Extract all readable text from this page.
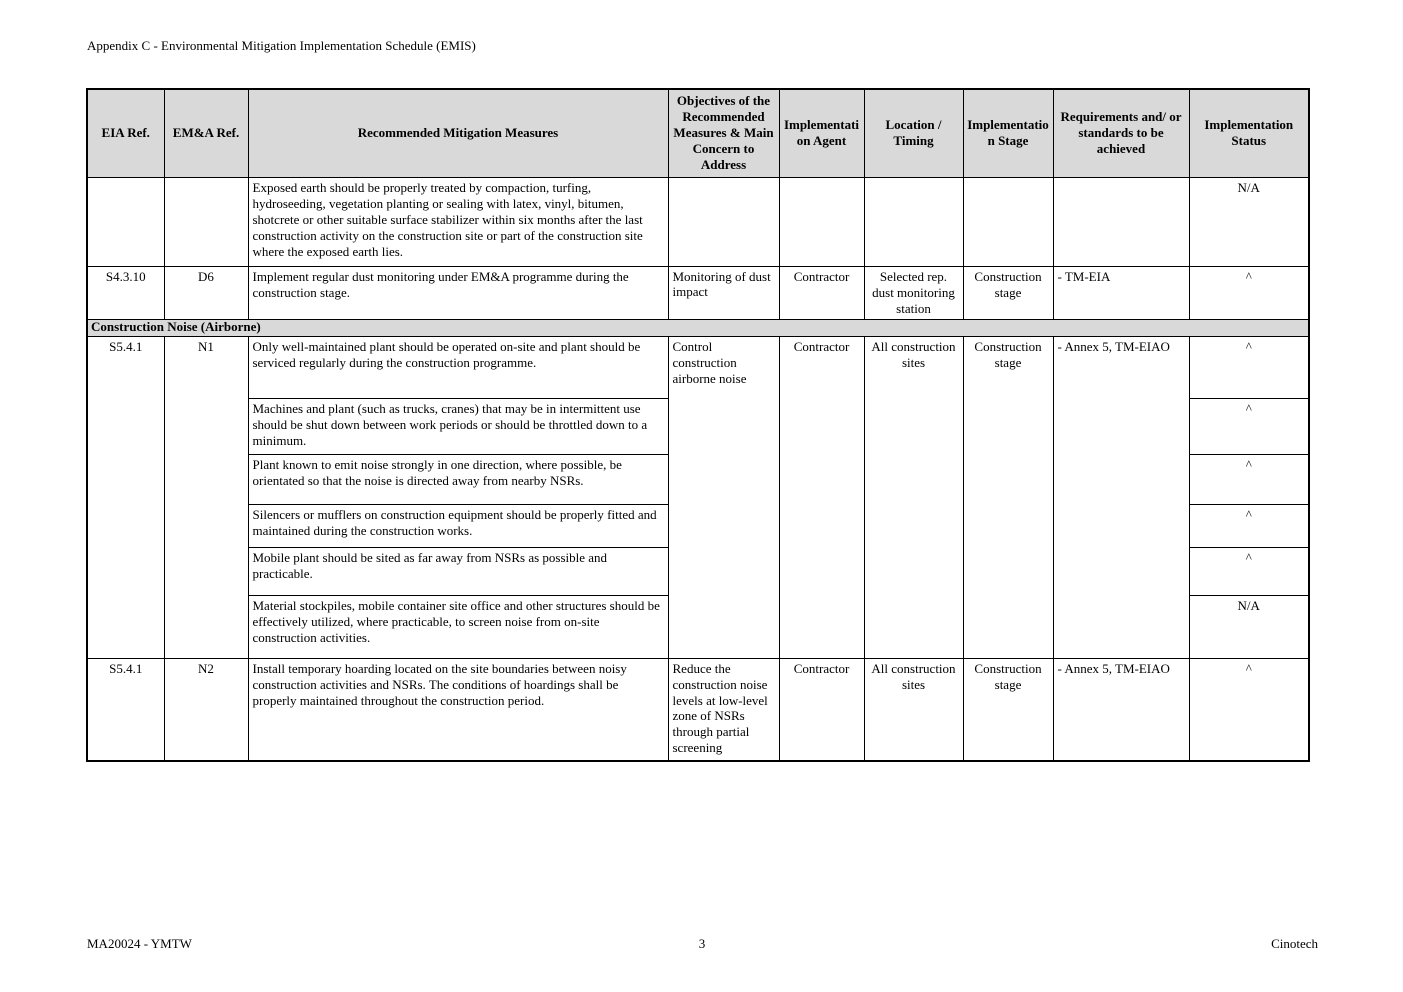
Appendix C - Environmental Mitigation Implementation Schedule (EMIS)
EIA Ref.	EM&A Ref.	Recommended Mitigation Measures	Objectives of the Recommended Measures & Main Concern to Address	Implementation Agent	Location / Timing	Implementation Stage	Requirements and/ or standards to be achieved	Implementation Status
		Exposed earth should be properly treated by compaction, turfing, hydroseeding, vegetation planting or sealing with latex, vinyl, bitumen, shotcrete or other suitable surface stabilizer within six months after the last construction activity on the construction site or part of the construction site where the exposed earth lies.						N/A
S4.3.10	D6	Implement regular dust monitoring under EM&A programme during the construction stage.	Monitoring of dust impact	Contractor	Selected rep. dust monitoring station	Construction stage	- TM-EIA	^
Construction Noise (Airborne)								
S5.4.1	N1	Only well-maintained plant should be operated on-site and plant should be serviced regularly during the construction programme.	Control construction airborne noise	Contractor	All construction sites	Construction stage	- Annex 5, TM-EIAO	^
		Machines and plant (such as trucks, cranes) that may be in intermittent use should be shut down between work periods or should be throttled down to a minimum.						^
		Plant known to emit noise strongly in one direction, where possible, be orientated so that the noise is directed away from nearby NSRs.						^
		Silencers or mufflers on construction equipment should be properly fitted and maintained during the construction works.						^
		Mobile plant should be sited as far away from NSRs as possible and practicable.						^
		Material stockpiles, mobile container site office and other structures should be effectively utilized, where practicable, to screen noise from on-site construction activities.						N/A
S5.4.1	N2	Install temporary hoarding located on the site boundaries between noisy construction activities and NSRs. The conditions of hoardings shall be properly maintained throughout the construction period.	Reduce the construction noise levels at low-level zone of NSRs through partial screening	Contractor	All construction sites	Construction stage	- Annex 5, TM-EIAO	^
MA20024 - YMTW	3	Cinotech
